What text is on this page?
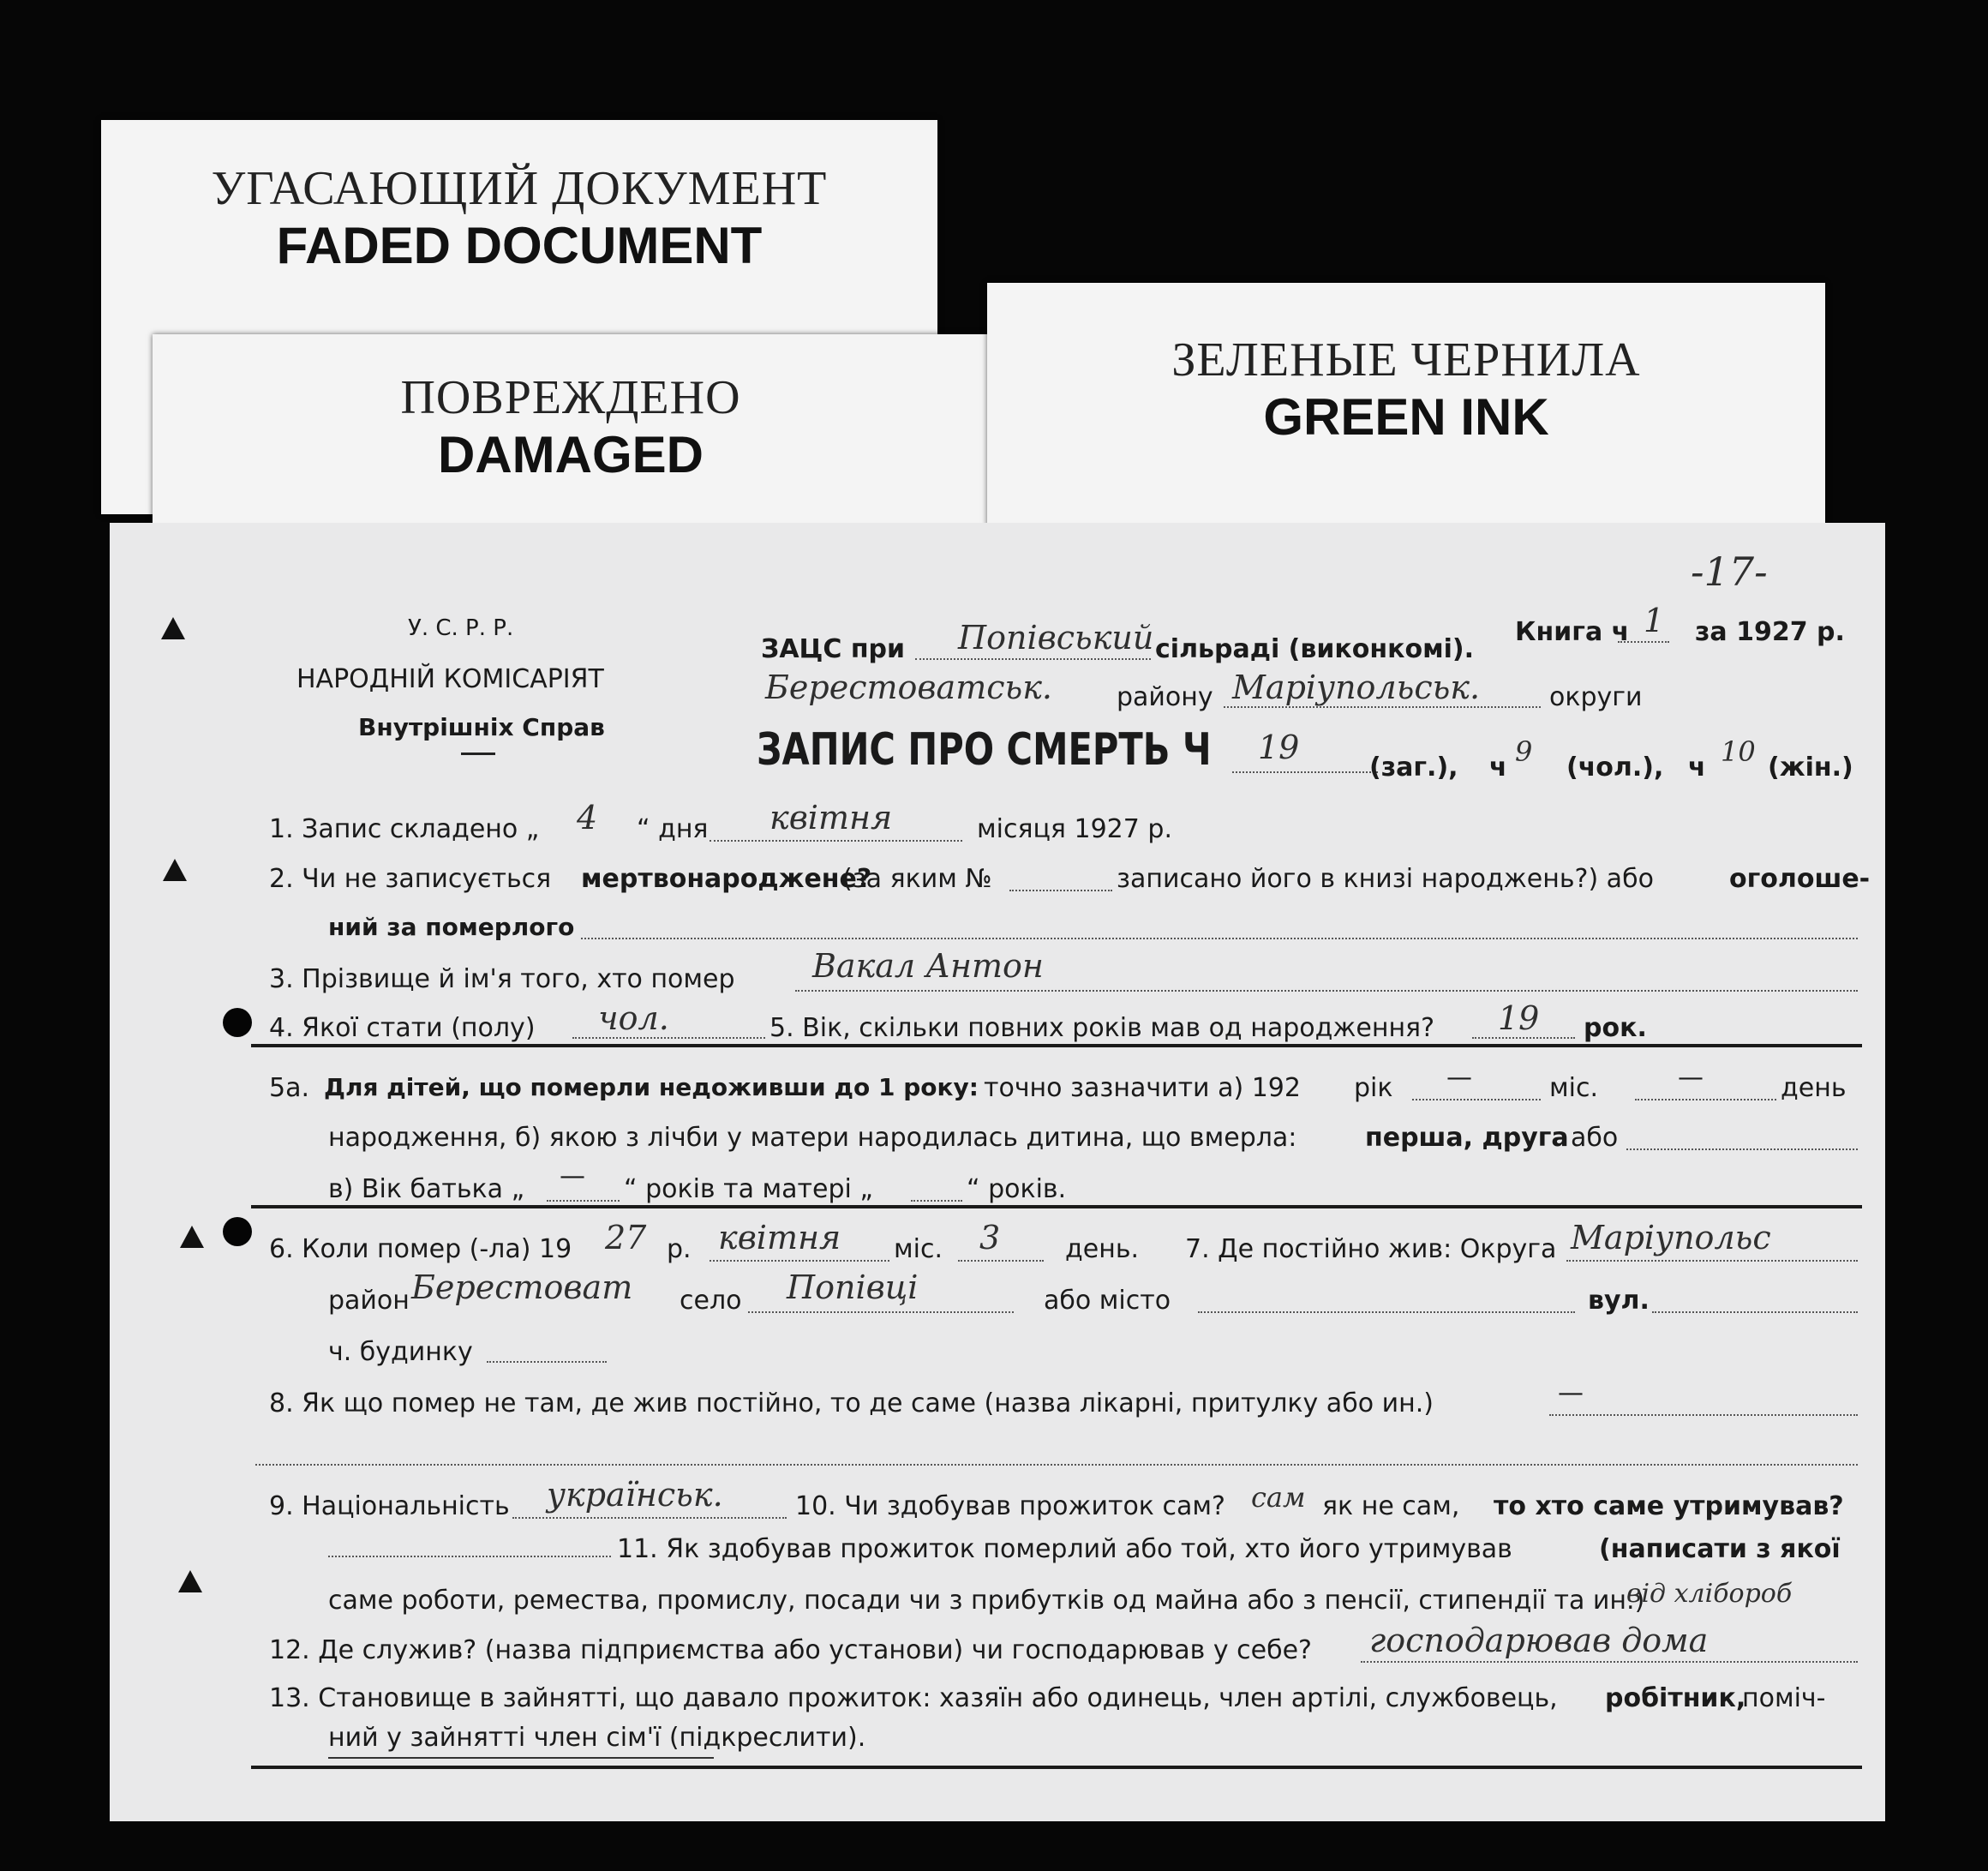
УГАСАЮЩИЙ ДОКУМЕНТ
FADED DOCUMENT
ПОВРЕЖДЕНО
DAMAGED
ЗЕЛЕНЫЕ ЧЕРНИЛА
GREEN INK
-17-
У. С. Р. Р.
НАРОДНІЙ КОМІСАРІЯТ
Внутрішніх Справ
ЗАЦС при Попівський сільраді (виконкомі).
Книга ч 1 за 1927 р.
Берестоватськ.	району Маріупольськ.	округи
ЗАПИС ПРО СМЕРТЬ Ч 19
(заг.), ч 9 (чол.), ч 10 (жін.)
1. Запис складено „ 4 “ дня квітня	місяця 1927 р.
2. Чи не записується мертвонароджене?
(за яким №	записано його в книзі народжень?) або	оголоше-
ний за померлого
3. Прізвище й ім'я того, хто помер Вакал Антон
4. Якої стати (полу) чол.	5. Вік, скільки повних років мав од народження? 19 рок.
5а. Для дітей, що померли недоживши до 1 року: точно зазначити а) 192 рік —	міс.	—	день
народження, б) якою з лічби у матери народилась дитина, що вмерла:	перша, друга або
в) Вік батька „ — “ років та матері „	“ років.
6. Коли помер (-ла) 19 27 р. квітня міс. 3	день. 7. Де постійно жив: Округа Маріупольс
район Берестоват село Попівці	або місто	вул.
ч. будинку
8. Як що помер не там, де жив постійно, то де саме (назва лікарні, притулку або ин.)	—
9. Національність українськ.	10. Чи здобував прожиток сам? сам як не сам, то хто саме утримував?
11. Як здобував прожиток померлий або той, хто його утримував	(написати з якої
саме роботи, ремества, промислу, посади чи з прибутків од майна або з пенсії, стипендії та ин.)
від хлібороб
12. Де служив? (назва підприємства або установи) чи господарював у себе? господарював дома
13. Становище в зайнятті, що давало прожиток: хазяїн або одинець, член артілі, службовець, робітник,
поміч-
ний у зайнятті член сім'ї (підкреслити).
